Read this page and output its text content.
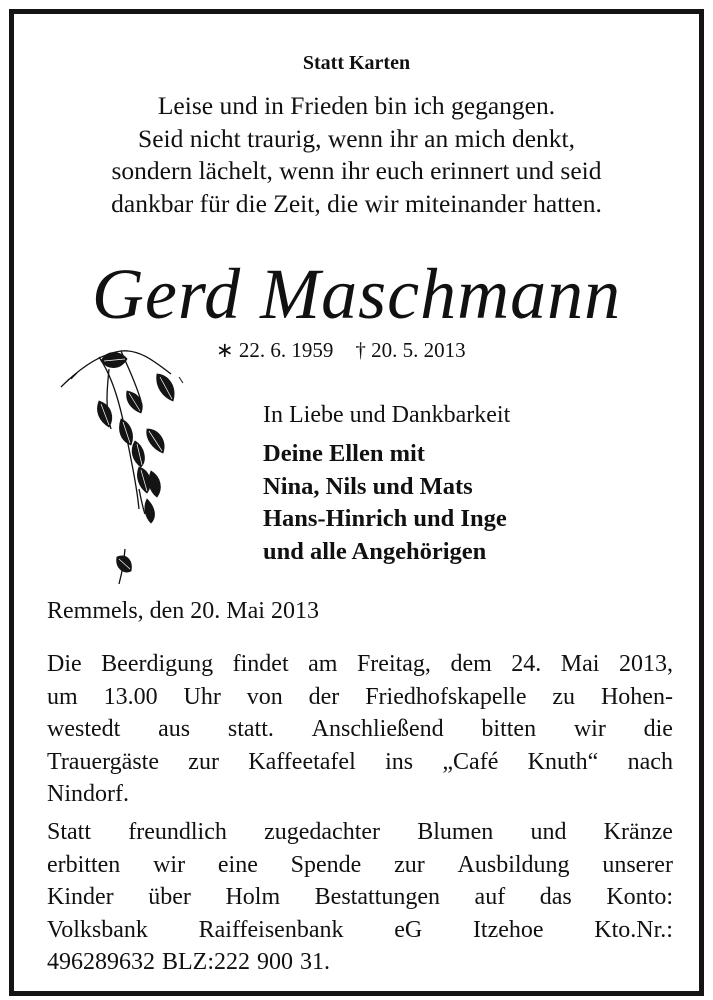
Statt Karten
Leise und in Frieden bin ich gegangen.
Seid nicht traurig, wenn ihr an mich denkt,
sondern lächelt, wenn ihr euch erinnert und seid
dankbar für die Zeit, die wir miteinander hatten.
Gerd Maschmann
∗ 22. 6. 1959 † 20. 5. 2013
In Liebe und Dankbarkeit
Deine Ellen mit
Nina, Nils und Mats
Hans-Hinrich und Inge
und alle Angehörigen
Remmels, den 20. Mai 2013
Die Beerdigung findet am Freitag, dem 24. Mai 2013,
um 13.00 Uhr von der Friedhofskapelle zu Hohen-
westedt aus statt. Anschließend bitten wir die
Trauergäste zur Kaffeetafel ins „Café Knuth“ nach
Nindorf.
Statt freundlich zugedachter Blumen und Kränze
erbitten wir eine Spende zur Ausbildung unserer
Kinder über Holm Bestattungen auf das Konto:
Volksbank Raiffeisenbank eG Itzehoe Kto.Nr.:
496289632 BLZ:222 900 31.
